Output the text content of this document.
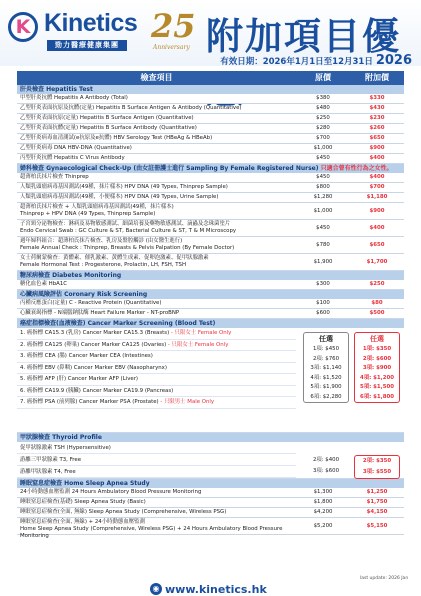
K Kinetics
勁力醫療健康集團 25
Anniversary 附加項目優
有效日期：2026年1月1日至12月31日 2026
檢查項目	原價	附加價
肝炎檢查 Hepatitis Test
甲型肝炎抗體 Hepatitis A Antibody (Total)	$380	$330
乙型肝炎表面抗原及抗體(定量) Hepatitis B Surface Antigen & Antibody (Quantitative)	$480	$430
乙型肝炎表面抗原(定量) Hepatitis B Surface Antigen (Quantitative)	$250	$230
乙型肝炎表面抗體(定量) Hepatitis B Surface Antibody (Quantitative)	$280	$260
乙型肝炎病毒血清測試(e抗原及e抗體) HBV Serology Test (HBeAg & HBeAb)	$700	$650
乙型肝炎病毒 DNA HBV-DNA (Quantitative)	$1,000	$900
丙型肝炎抗體 Hepatitis C Virus Antibody	$450	$400
婦科檢查 Gynaecological Check-Up (由女註冊護士進行 Sampling By Female Registered Nurse) 只適合曾有性行為之女性。
超薄柏氏抹片檢查 Thinprep	$450	$400
人類乳頭瘤病毒基因測試(49種，抹片樣本) HPV DNA (49 Types, Thinprep Sample)	$800	$700
人類乳頭瘤病毒基因測試(49種，小便樣本) HPV DNA (49 Types, Urine Sample)	$1,280	$1,180
超薄柏氏抹片檢查 + 人類乳頭瘤病毒基因測試(49種，抹片樣本)
Thinprep + HPV DNA (49 Types, Thinprep Sample)	$1,000	$900
子宮頸分泌物檢查：淋病及易物敏感測試、細菌培養及藥物敏感測試、滴蟲及念珠菌塗片
Endo Cervical Swab : GC Culture & ST, Bacterial Culture & ST, T & M Microscopy	$450	$400
週年婦科組合：超薄柏氏抹片檢查、乳房及盤腔觸診 (由女醫生進行)
Female Annual Check : Thinprep, Breasts & Pelvis Palpation (By Female Doctor)	$780	$650
女士荷爾蒙檢查：黃體素、催乳激素、黃體生成素、促卵泡激素、促甲狀腺激素
Female Hormonal Test : Progesterone, Prolactin, LH, FSH, TSH	$1,900	$1,700
糖尿病檢查 Diabetes Monitoring
糖化血色素 HbA1C	$300	$250
心臟病風險評估 Coronary Risk Screening
丙種反應蛋白(定量) C - Reactive Protein (Quantitative)	$100	$80
心臟衰竭指標 - N端腦鈉肽酶 Heart Failure Marker - NT-proBNP	$600	$500
癌症指標檢查(血液檢查) Cancer Marker Screening (Blood Test)
1. 癌指標 CA15.3 (乳房) Cancer Marker CA15.3 (Breasts) - 只限女士 Female Only
2. 癌指標 CA125 (卵巢) Cancer Marker CA125 (Ovaries) - 只限女士 Female Only
3. 癌指標 CEA (腸) Cancer Marker CEA (Intestines)
4. 癌指標 EBV (鼻咽) Cancer Marker EBV (Nasopharynx)
5. 癌指標 AFP (肝) Cancer Marker AFP (Liver)
6. 癌指標 CA19.9 (胰臟) Cancer Marker CA19.9 (Pancreas)
7. 癌指標 PSA (前列腺) Cancer Marker PSA (Prostate) - 只限男士 Male Only
任選
1項: $450
2項: $760
3項: $1,140
4項: $1,520
5項: $1,900
6項: $2,280
任選
1項: $350
2項: $600
3項: $900
4項: $1,200
5項: $1,500
6項: $1,800
甲狀腺檢查 Thyroid Profile
促甲狀腺激素 TSH (Hypersensitive)
游離三甲狀腺素 T3, Free
游離甲狀腺素 T4, Free
2項: $400
3項: $600
2項: $350
3項: $550
睡眠窒息症檢查 Home Sleep Apnea Study
24小時動態血壓監測 24 Hours Ambulatory Blood Pressure Monitoring	$1,300	$1,250
睡眠窒息症檢查(基礎) Sleep Apnea Study (Basic)	$1,800	$1,750
睡眠窒息症檢查(全面, 無線) Sleep Apnea Study (Comprehensive, Wireless PSG)	$4,200	$4,150
睡眠窒息症檢查(全面, 無線) + 24小時動態血壓監測
Home Sleep Apnea Study (Comprehensive, Wireless PSG) + 24 Hours Ambulatory Blood Pressure Monitoring
$5,200	$5,150
◉ www.kinetics.hk
last update: 2026 Jan
